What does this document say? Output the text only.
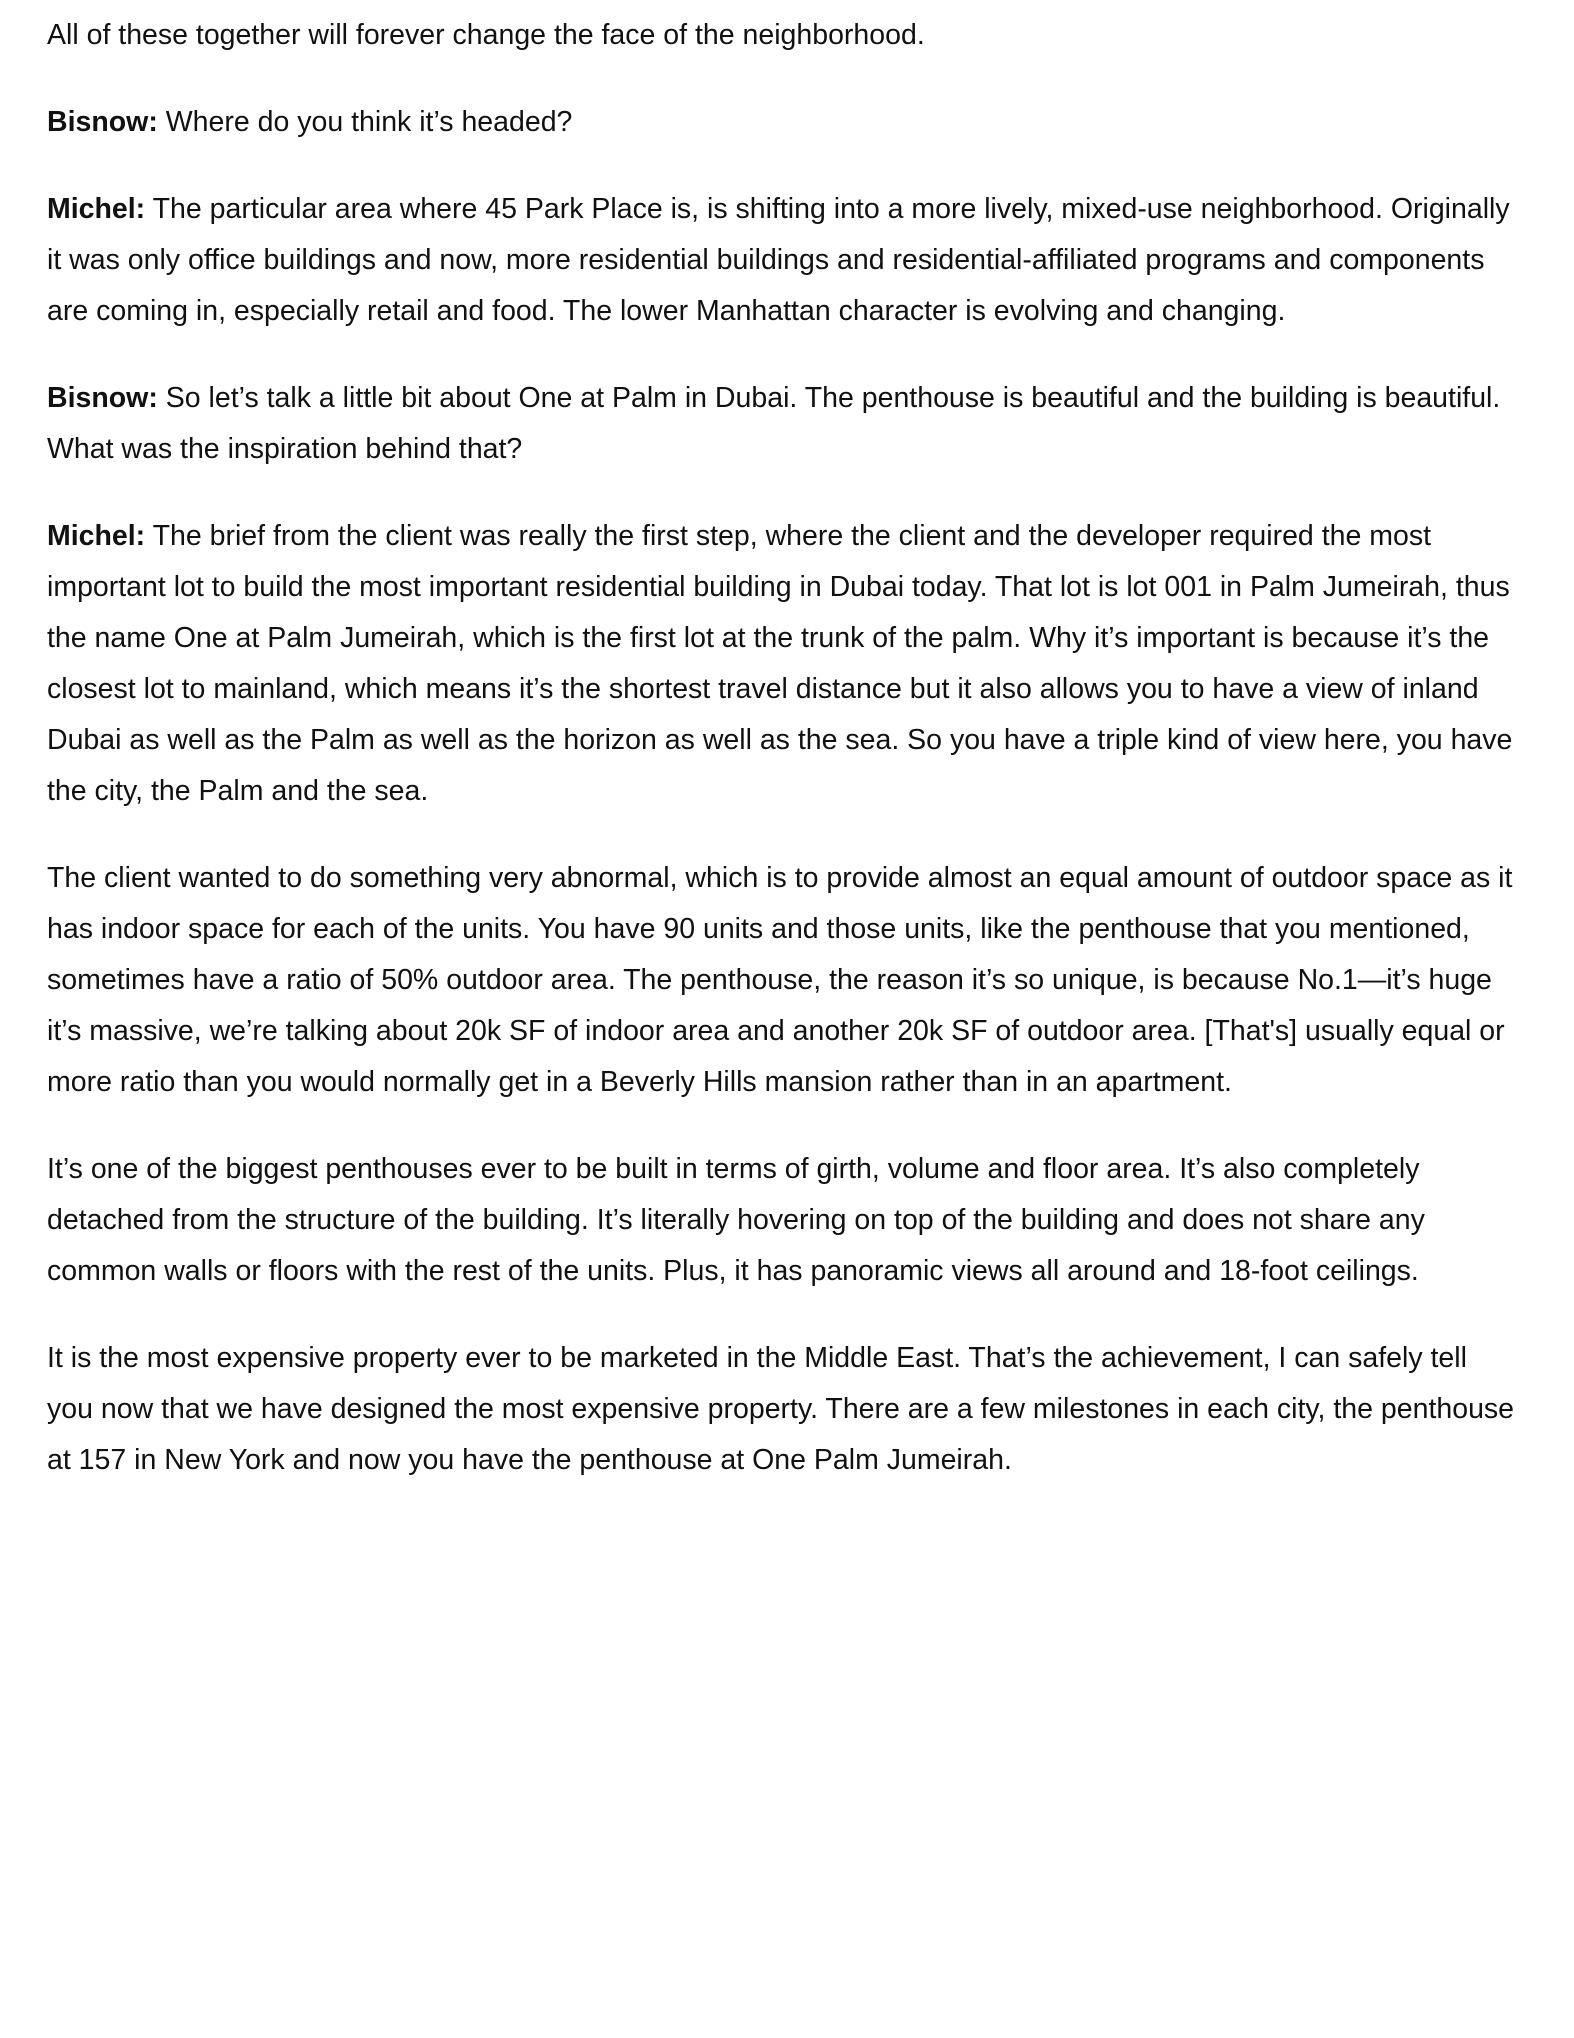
All of these together will forever change the face of the neighborhood.

Bisnow: Where do you think it’s headed?

Michel: The particular area where 45 Park Place is, is shifting into a more lively, mixed-use neighborhood. Originally it was only office buildings and now, more residential buildings and residential-affiliated programs and components are coming in, especially retail and food. The lower Manhattan character is evolving and changing.

Bisnow: So let’s talk a little bit about One at Palm in Dubai. The penthouse is beautiful and the building is beautiful. What was the inspiration behind that?

Michel: The brief from the client was really the first step, where the client and the developer required the most important lot to build the most important residential building in Dubai today. That lot is lot 001 in Palm Jumeirah, thus the name One at Palm Jumeirah, which is the first lot at the trunk of the palm. Why it’s important is because it’s the closest lot to mainland, which means it’s the shortest travel distance but it also allows you to have a view of inland Dubai as well as the Palm as well as the horizon as well as the sea. So you have a triple kind of view here, you have the city, the Palm and the sea.

The client wanted to do something very abnormal, which is to provide almost an equal amount of outdoor space as it has indoor space for each of the units. You have 90 units and those units, like the penthouse that you mentioned, sometimes have a ratio of 50% outdoor area. The penthouse, the reason it’s so unique, is because No.1—it’s huge it’s massive, we’re talking about 20k SF of indoor area and another 20k SF of outdoor area. [That's] usually equal or more ratio than you would normally get in a Beverly Hills mansion rather than in an apartment.

It’s one of the biggest penthouses ever to be built in terms of girth, volume and floor area. It’s also completely detached from the structure of the building. It’s literally hovering on top of the building and does not share any common walls or floors with the rest of the units. Plus, it has panoramic views all around and 18-foot ceilings.

It is the most expensive property ever to be marketed in the Middle East. That’s the achievement, I can safely tell you now that we have designed the most expensive property. There are a few milestones in each city, the penthouse at 157 in New York and now you have the penthouse at One Palm Jumeirah.
